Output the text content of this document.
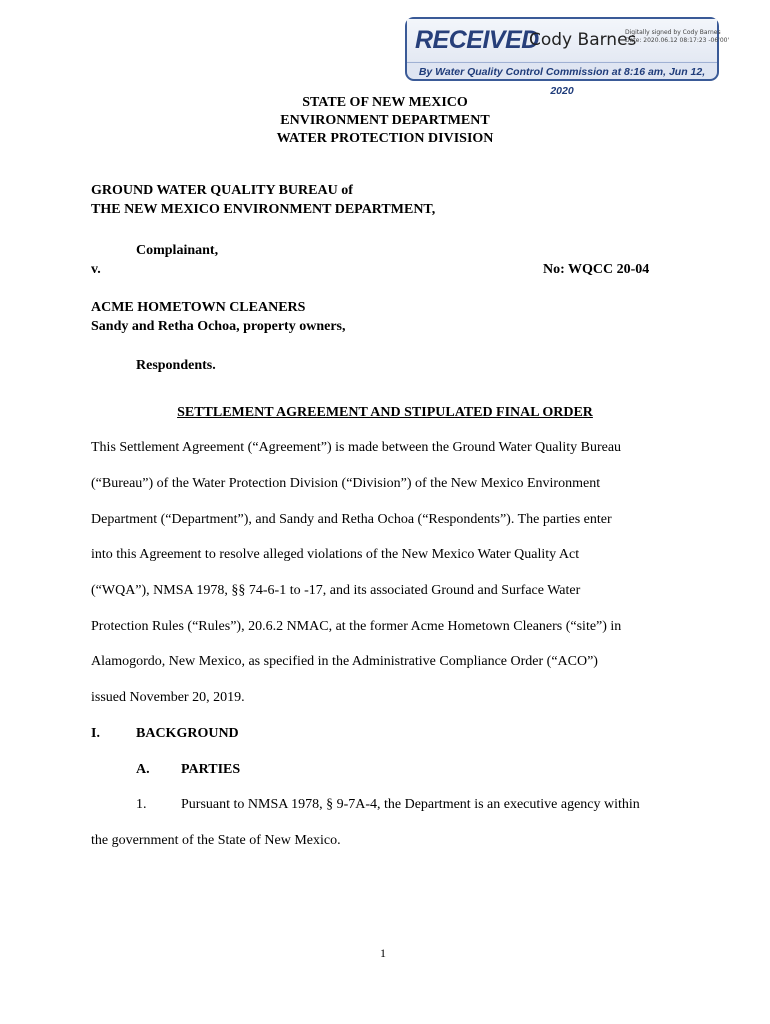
RECEIVED
Cody Barnes
Digitally signed by Cody Barnes
Date: 2020.06.12 08:17:23 -06'00'
By Water Quality Control Commission at 8:16 am, Jun 12, 2020
STATE OF NEW MEXICO
ENVIRONMENT DEPARTMENT
WATER PROTECTION DIVISION
GROUND WATER QUALITY BUREAU of
THE NEW MEXICO ENVIRONMENT DEPARTMENT,
Complainant,
v.	No: WQCC 20-04
ACME HOMETOWN CLEANERS
Sandy and Retha Ochoa, property owners,
Respondents.
SETTLEMENT AGREEMENT AND STIPULATED FINAL ORDER
This Settlement Agreement (“Agreement”) is made between the Ground Water Quality Bureau
(“Bureau”) of the Water Protection Division (“Division”) of the New Mexico Environment
Department (“Department”), and Sandy and Retha Ochoa (“Respondents”). The parties enter
into this Agreement to resolve alleged violations of the New Mexico Water Quality Act
(“WQA”), NMSA 1978, §§ 74-6-1 to -17, and its associated Ground and Surface Water
Protection Rules (“Rules”), 20.6.2 NMAC, at the former Acme Hometown Cleaners (“site”) in
Alamogordo, New Mexico, as specified in the Administrative Compliance Order (“ACO”)
issued November 20, 2019.
I.	BACKGROUND
A. PARTIES
1. Pursuant to NMSA 1978, § 9-7A-4, the Department is an executive agency within
the government of the State of New Mexico.
1
